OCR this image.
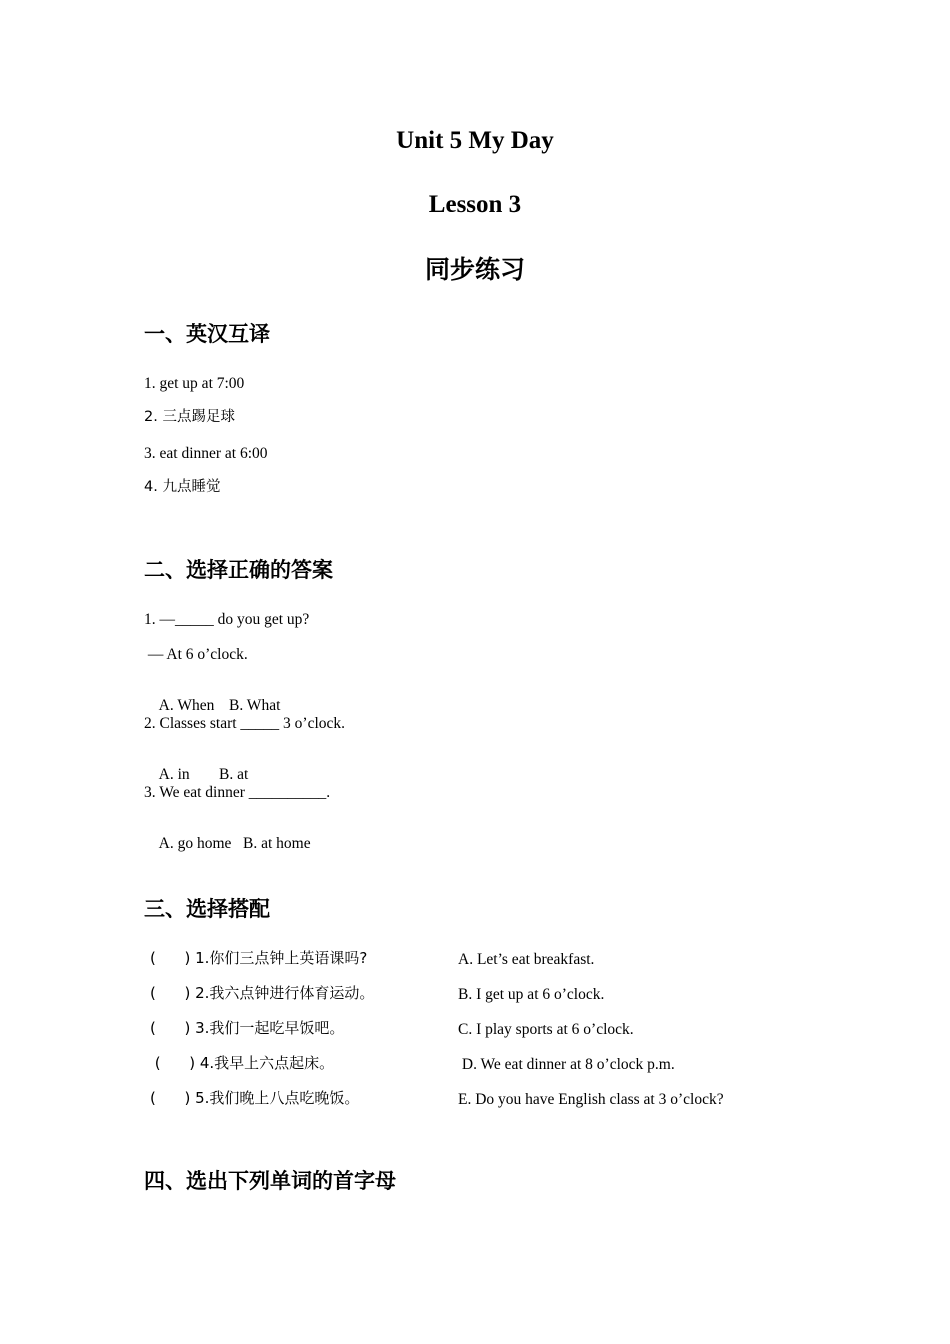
Unit 5 My Day
Lesson 3
同步练习
一、英汉互译
1. get up at 7:00
2. 三点踢足球
3. eat dinner at 6:00
4. 九点睡觉
二、选择正确的答案
1. —_____ do you get up?
— At 6 o’clock.

A. When B. What

2. Classes start _____ 3 o’clock.

A. in B. at

3. We eat dinner __________.

A. go home B. at home

三、选择搭配
(      ) 1.你们三点钟上英语课吗?	A. Let’s eat breakfast.
(      ) 2.我六点钟进行体育运动。	B. I get up at 6 o’clock.
(      ) 3.我们一起吃早饭吧。	C. I play sports at 6 o’clock.
(      ) 4.我早上六点起床。	D. We eat dinner at 8 o’clock p.m.
(      ) 5.我们晚上八点吃晚饭。	E. Do you have English class at 3 o’clock?
四、选出下列单词的首字母
